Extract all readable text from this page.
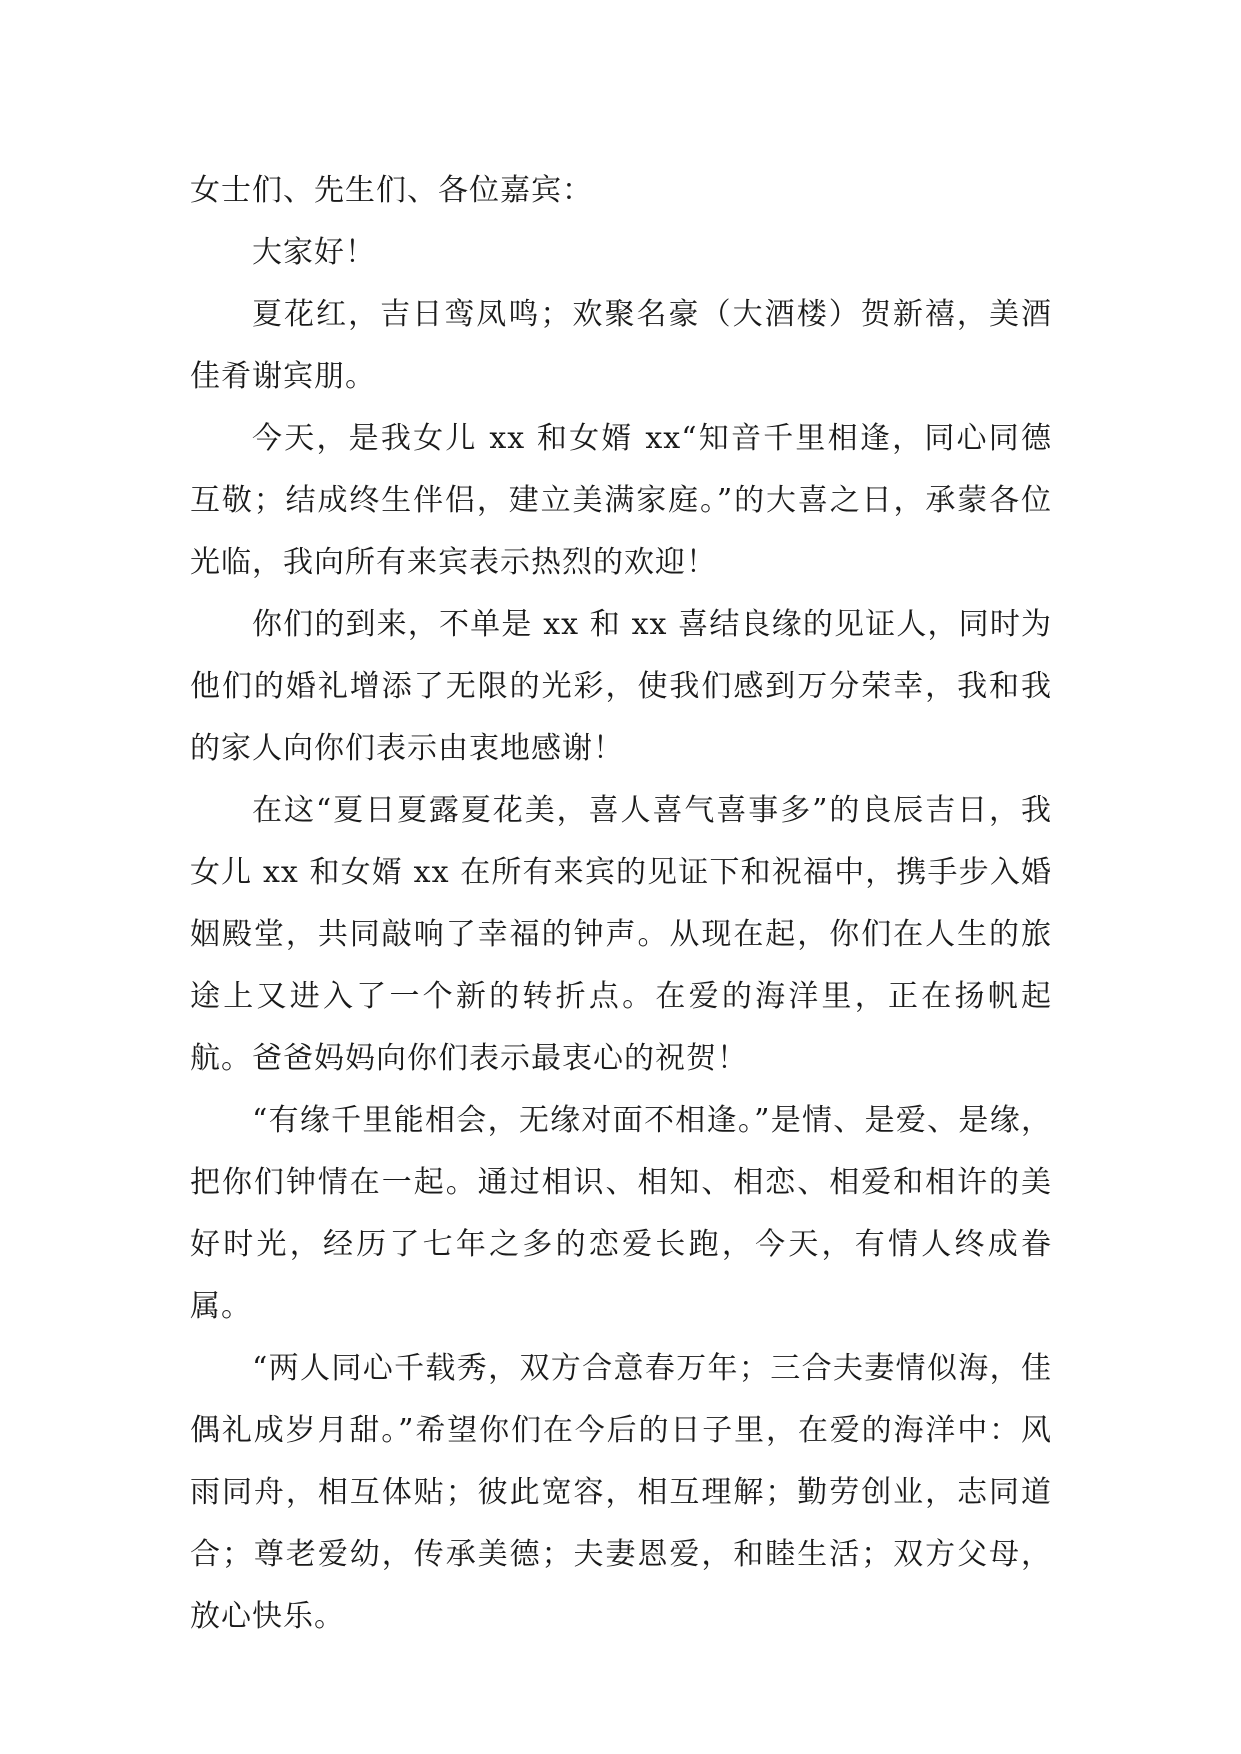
女士们、先生们、各位嘉宾：

大家好！

夏花红，吉日鸾凤鸣；欢聚名豪（大酒楼）贺新禧，美酒佳肴谢宾朋。

今天，是我女儿 xx 和女婿 xx“知音千里相逢，同心同德互敬；结成终生伴侣，建立美满家庭。”的大喜之日，承蒙各位光临，我向所有来宾表示热烈的欢迎！

你们的到来，不单是 xx 和 xx 喜结良缘的见证人，同时为他们的婚礼增添了无限的光彩，使我们感到万分荣幸，我和我的家人向你们表示由衷地感谢！

在这“夏日夏露夏花美，喜人喜气喜事多”的良辰吉日，我女儿 xx 和女婿 xx 在所有来宾的见证下和祝福中，携手步入婚姻殿堂，共同敲响了幸福的钟声。从现在起，你们在人生的旅途上又进入了一个新的转折点。在爱的海洋里，正在扬帆起航。爸爸妈妈向你们表示最衷心的祝贺！

“有缘千里能相会，无缘对面不相逢。”是情、是爱、是缘，把你们钟情在一起。通过相识、相知、相恋、相爱和相许的美好时光，经历了七年之多的恋爱长跑，今天，有情人终成眷属。

“两人同心千载秀，双方合意春万年；三合夫妻情似海，佳偶礼成岁月甜。”希望你们在今后的日子里，在爱的海洋中：风雨同舟，相互体贴；彼此宽容，相互理解；勤劳创业，志同道合；尊老爱幼，传承美德；夫妻恩爱，和睦生活；双方父母，放心快乐。
